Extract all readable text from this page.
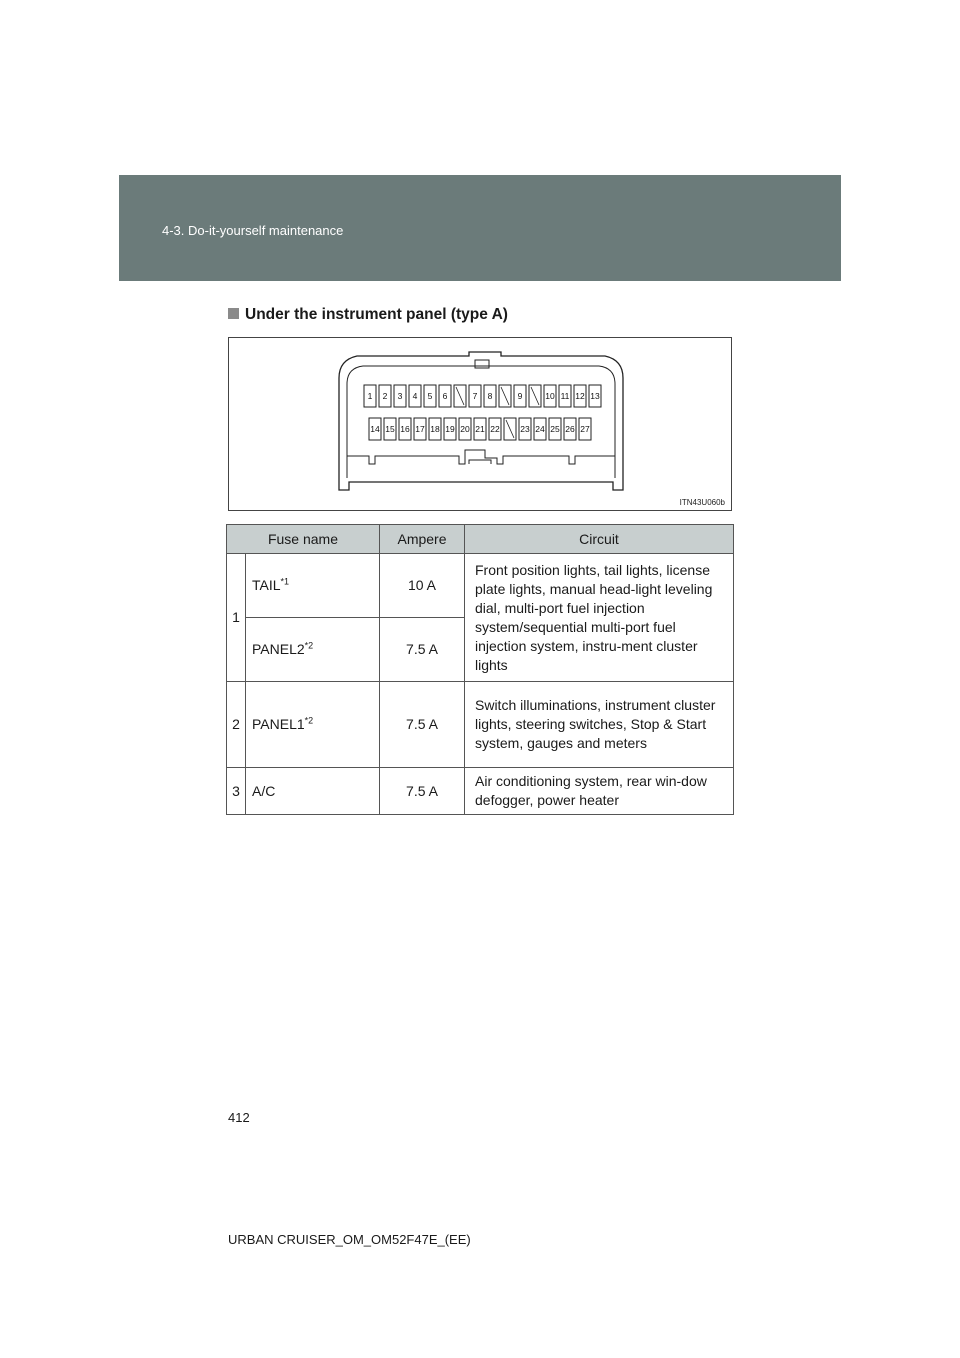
4-3. Do-it-yourself maintenance
Under the instrument panel (type A)
1 2 3 4 5 6	7 8	9	10 11 12 13
14 15 16 17 18 19 20 21 22 23 24 25 26 27
ITN43U060b
Fuse name		Ampere	Circuit
1	TAIL$^{*1}$	10 A	Front position lights, tail lights, license plate lights, manual head-light leveling dial, multi-port fuel injection system/sequential multi-port fuel injection system, instru-ment cluster lights
	PANEL2$^{*2}$	7.5 A	
2	PANEL1$^{*2}$	7.5 A	Switch illuminations, instrument cluster lights, steering switches, Stop & Start system, gauges and meters
3	A/C	7.5 A	Air conditioning system, rear win-dow defogger, power heater
412
URBAN CRUISER_OM_OM52F47E_(EE)
